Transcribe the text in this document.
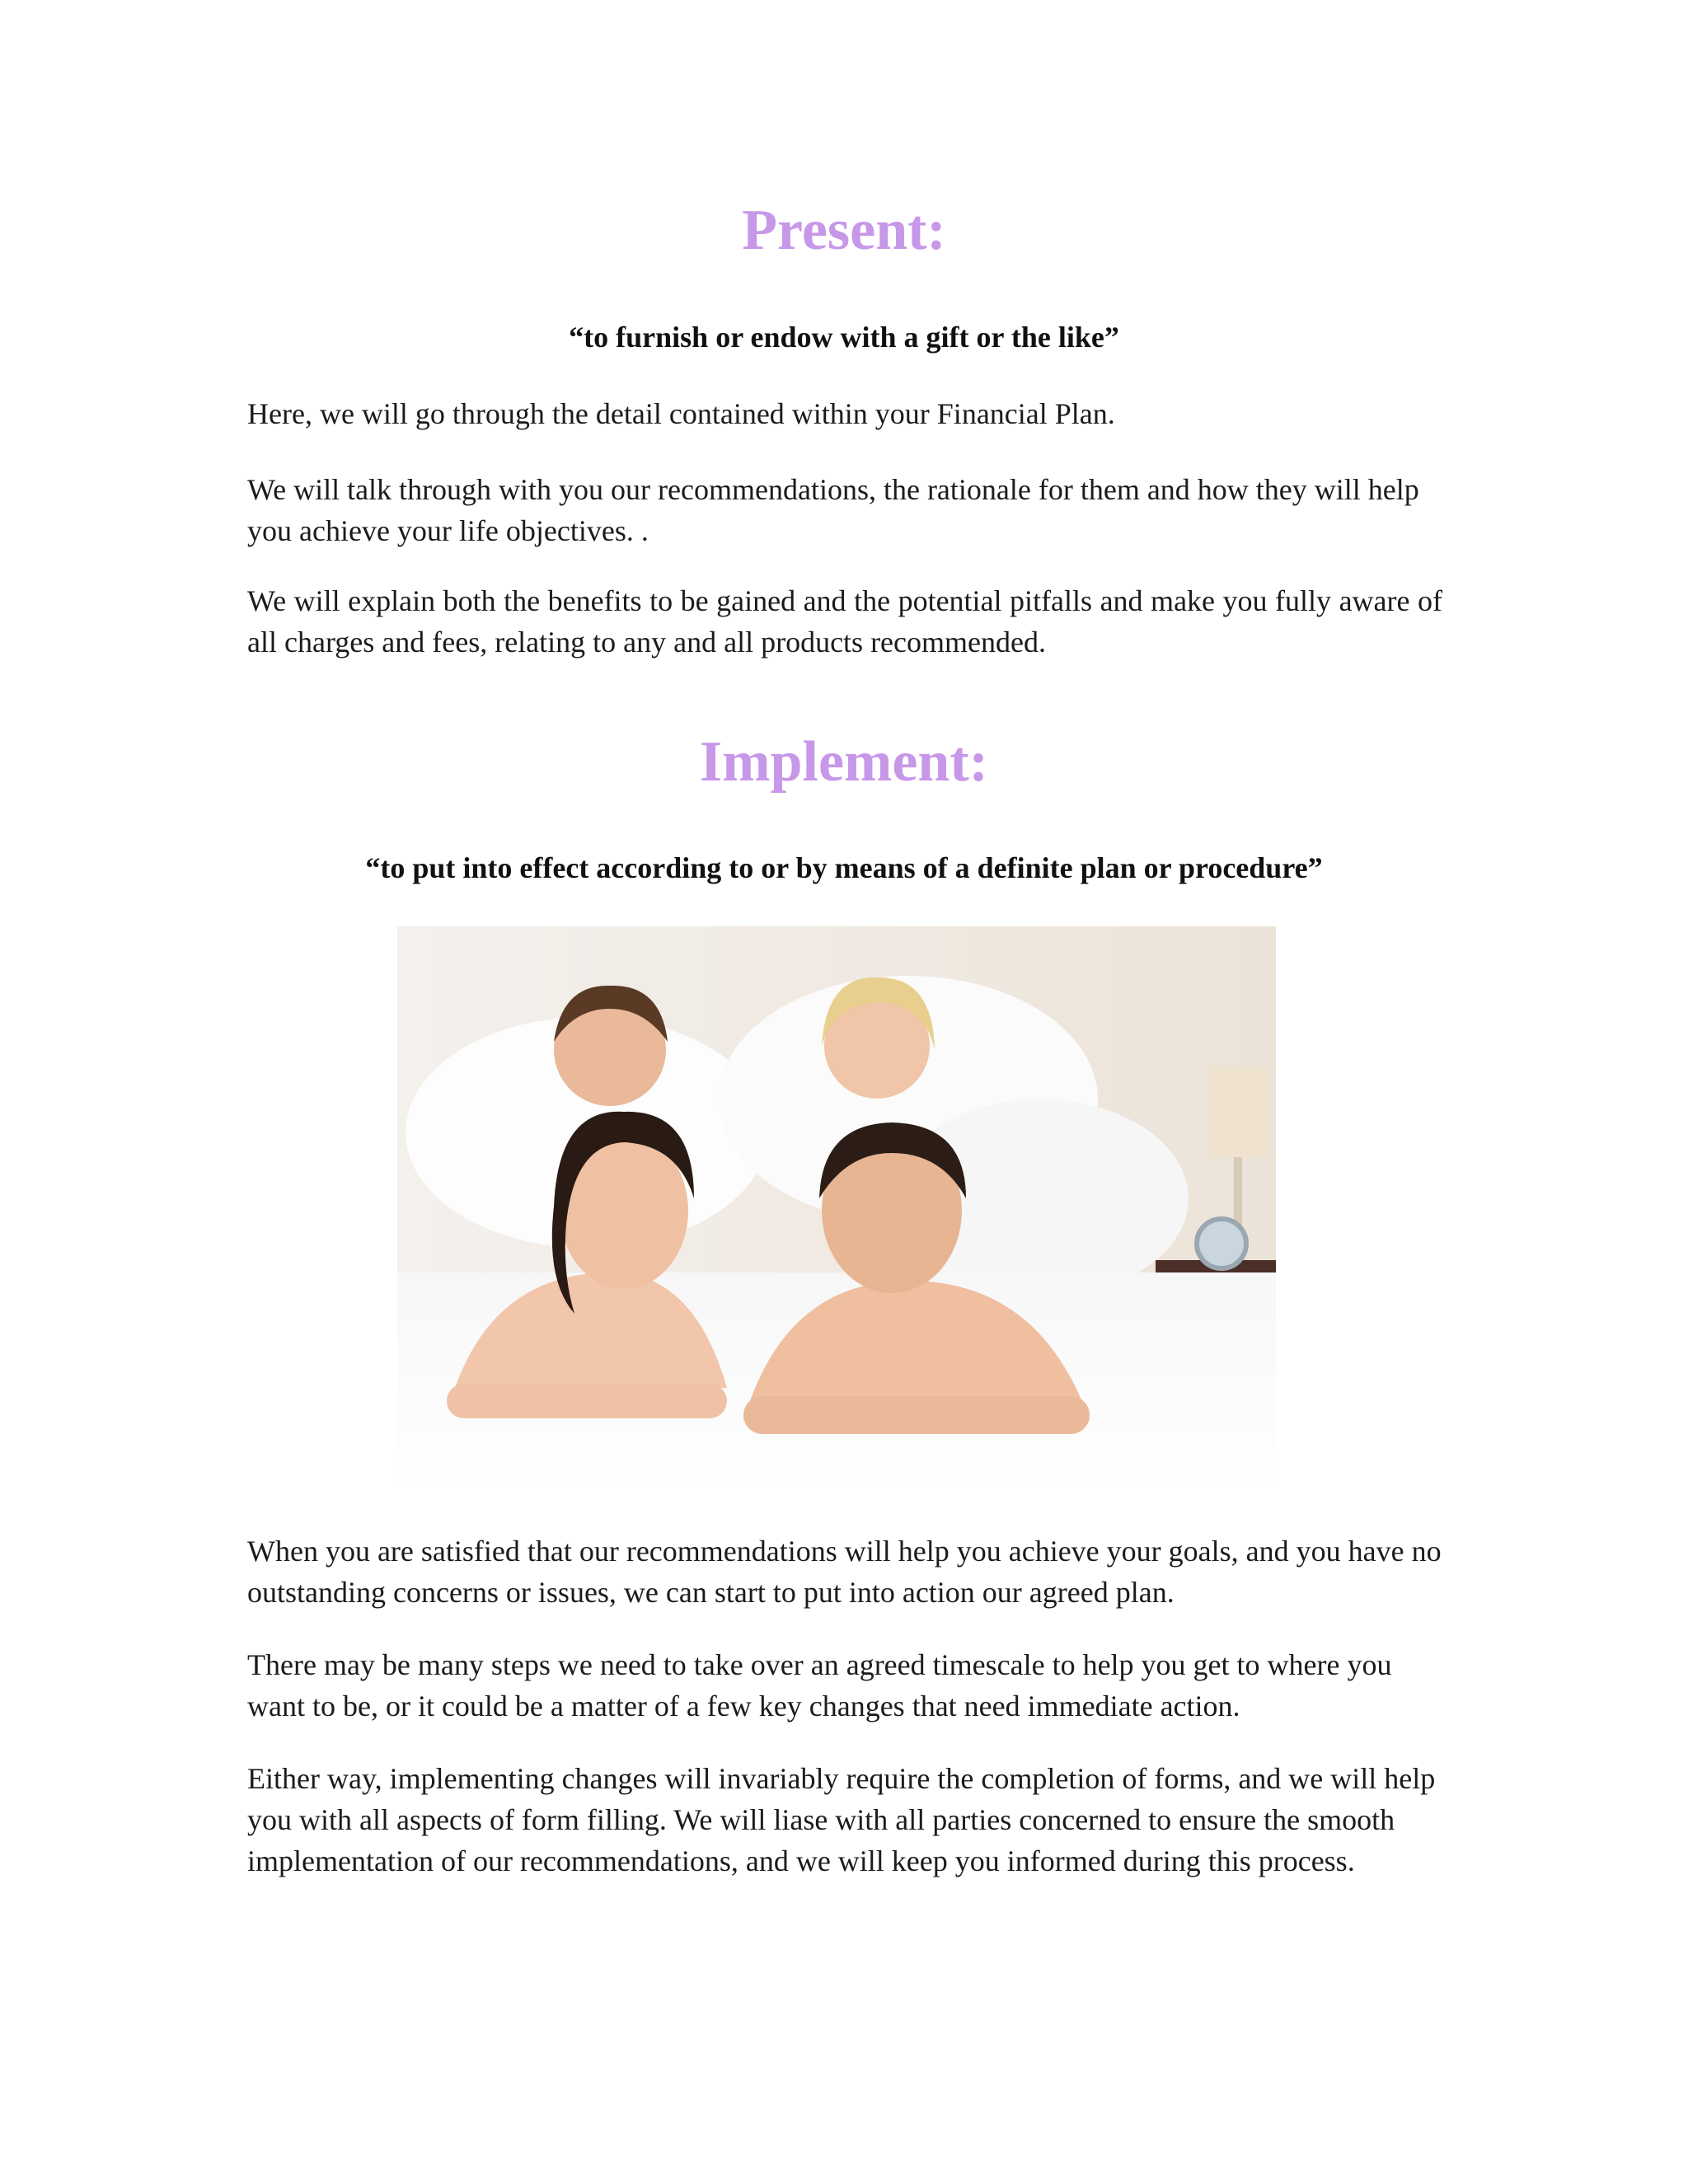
Present:

“to furnish or endow with a gift or the like”

Here, we will go through the detail contained within your Financial Plan.

We will talk through with you our recommendations, the rationale for them and how they will help you achieve your life objectives. .

We will explain both the benefits to be gained and the potential pitfalls and make you fully aware of all charges and fees, relating to any and all products recommended.

Implement:

“to put into effect according to or by means of a definite plan or procedure”

When you are satisfied that our recommendations will help you achieve your goals, and you have no outstanding concerns or issues, we can start to put into action our agreed plan.

There may be many steps we need to take over an agreed timescale to help you get to where you want to be, or it could be a matter of a few key changes that need immediate action.

Either way, implementing changes will invariably require the completion of forms, and we will help you with all aspects of form filling. We will liase with all parties concerned to ensure the smooth implementation of our recommendations, and we will keep you informed during this process.
